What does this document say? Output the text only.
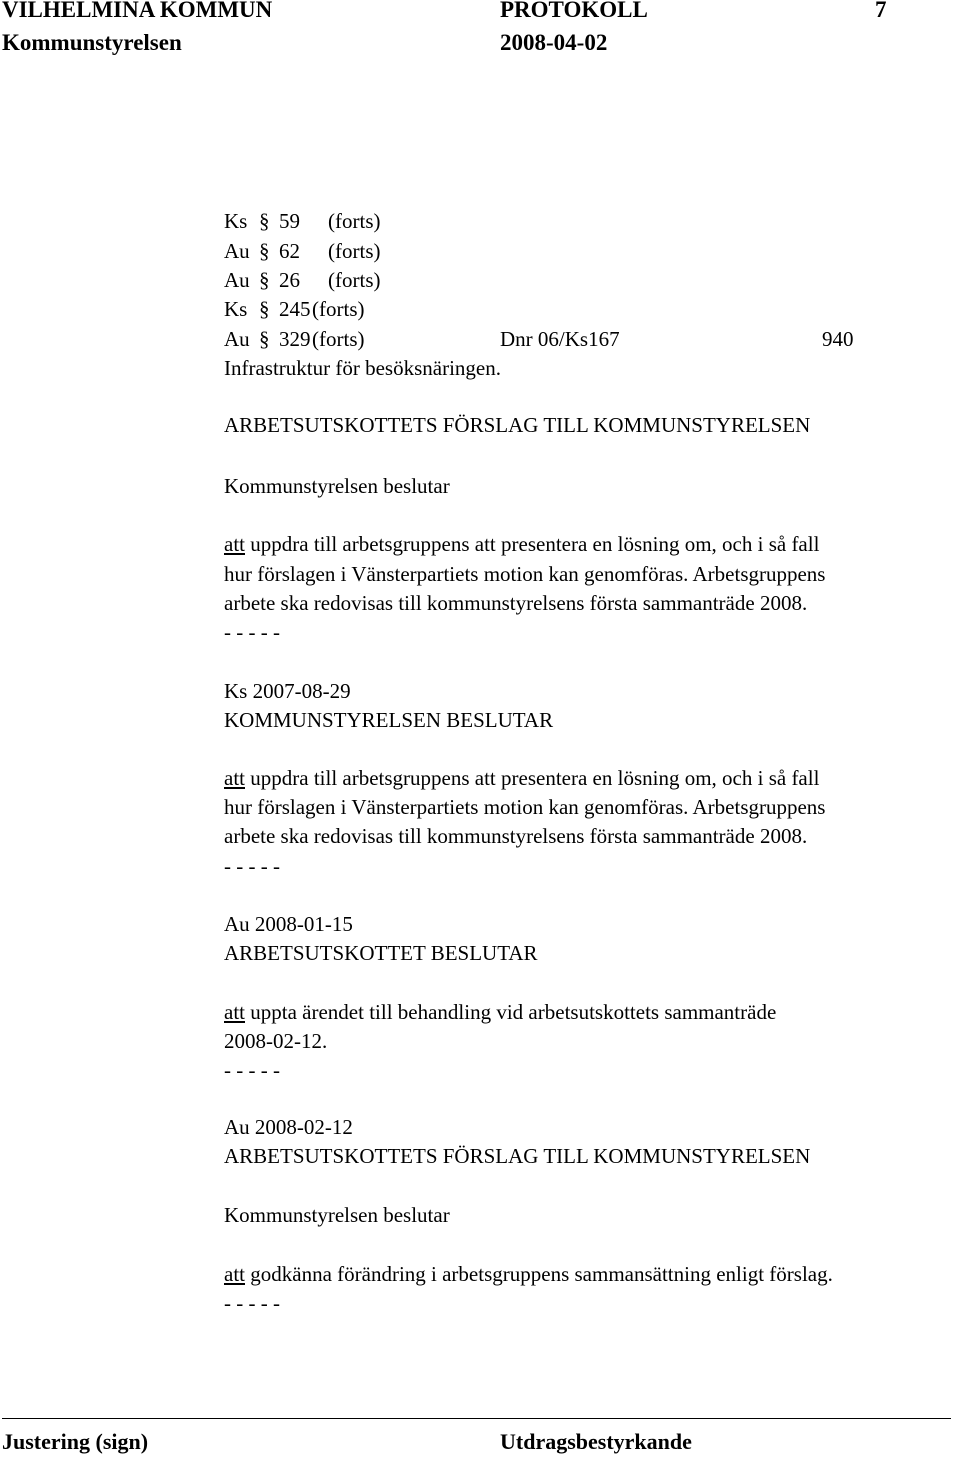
VILHELMINA KOMMUN	PROTOKOLL	7
Kommunstyrelsen	2008-04-02
Ks § 59 (forts)
Au § 62 (forts)
Au § 26 (forts)
Ks § 245 (forts)
Au § 329 (forts)	Dnr 06/Ks167	940
Infrastruktur för besöksnäringen.
ARBETSUTSKOTTETS FÖRSLAG TILL KOMMUNSTYRELSEN
Kommunstyrelsen beslutar
att uppdra till arbetsgruppens att presentera en lösning om, och i så fall
hur förslagen i Vänsterpartiets motion kan genomföras. Arbetsgruppens
arbete ska redovisas till kommunstyrelsens första sammanträde 2008.
- - - - -
Ks 2007-08-29
KOMMUNSTYRELSEN BESLUTAR
att uppdra till arbetsgruppens att presentera en lösning om, och i så fall
hur förslagen i Vänsterpartiets motion kan genomföras. Arbetsgruppens
arbete ska redovisas till kommunstyrelsens första sammanträde 2008.
- - - - -
Au 2008-01-15
ARBETSUTSKOTTET BESLUTAR
att uppta ärendet till behandling vid arbetsutskottets sammanträde
2008-02-12.
- - - - -
Au 2008-02-12
ARBETSUTSKOTTETS FÖRSLAG TILL KOMMUNSTYRELSEN
Kommunstyrelsen beslutar
att godkänna förändring i arbetsgruppens sammansättning enligt förslag.
- - - - -
Justering (sign)	Utdragsbestyrkande
